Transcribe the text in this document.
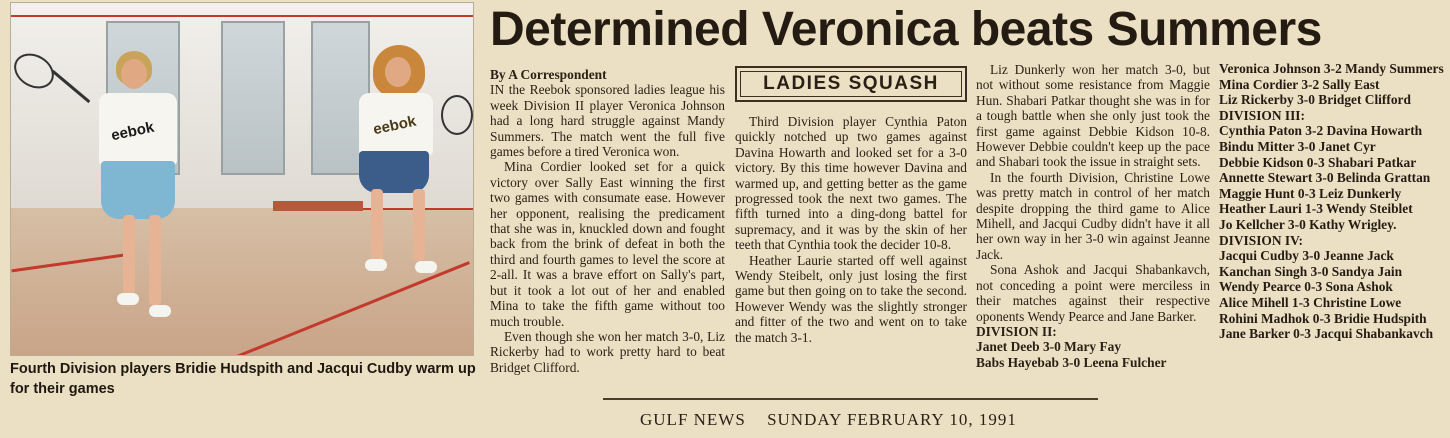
eebok	eebok
Fourth Division players Bridie Hudspith and Jacqui Cudby warm up for their games
Determined Veronica beats Summers

By A Correspondent

IN the Reebok sponsored ladies league his week Division II player Veronica Johnson had a long hard struggle against Mandy Summers. The match went the full five games before a tired Veronica won.

Mina Cordier looked set for a quick victory over Sally East winning the first two games with consumate ease. However her opponent, realising the predicament that she was in, knuckled down and fought back from the brink of defeat in both the third and fourth games to level the score at 2-all. It was a brave effort on Sally's part, but it took a lot out of her and enabled Mina to take the fifth game without too much trouble.

Even though she won her match 3-0, Liz Rickerby had to work pretty hard to beat Bridget Clifford.

LADIES SQUASH

Third Division player Cynthia Paton quickly notched up two games against Davina Howarth and looked set for a 3-0 victory. By this time however Davina and warmed up, and getting better as the game progressed took the next two games. The fifth turned into a ding-dong battel for supremacy, and it was by the skin of her teeth that Cynthia took the decider 10-8.

Heather Laurie started off well against Wendy Steibelt, only just losing the first game but then going on to take the second. However Wendy was the slightly stronger and fitter of the two and went on to take the match 3-1.

Liz Dunkerly won her match 3-0, but not without some resistance from Maggie Hun. Shabari Patkar thought she was in for a tough battle when she only just took the first game against Debbie Kidson 10-8. However Debbie couldn't keep up the pace and Shabari took the issue in straight sets.

In the fourth Division, Christine Lowe was pretty match in control of her match despite dropping the third game to Alice Mihell, and Jacqui Cudby didn't have it all her own way in her 3-0 win against Jeanne Jack.

Sona Ashok and Jacqui Shabankavch, not conceding a point were merciless in their matches against their respective oponents Wendy Pearce and Jane Barker.

DIVISION II:

Janet Deeb 3-0 Mary Fay

Babs Hayebab 3-0 Leena Fulcher

Veronica Johnson 3-2 Mandy Summers
Mina Cordier 3-2 Sally East
Liz Rickerby 3-0 Bridget Clifford
DIVISION III:
Cynthia Paton 3-2 Davina Howarth
Bindu Mitter 3-0 Janet Cyr
Debbie Kidson 0-3 Shabari Patkar
Annette Stewart 3-0 Belinda Grattan
Maggie Hunt 0-3 Leiz Dunkerly
Heather Lauri 1-3 Wendy Steiblet
Jo Kellcher 3-0 Kathy Wrigley.
DIVISION IV:
Jacqui Cudby 3-0 Jeanne Jack
Kanchan Singh 3-0 Sandya Jain
Wendy Pearce 0-3 Sona Ashok
Alice Mihell 1-3 Christine Lowe
Rohini Madhok 0-3 Bridie Hudspith
Jane Barker 0-3 Jacqui Shabankavch
GULF NEWS SUNDAY FEBRUARY 10, 1991
